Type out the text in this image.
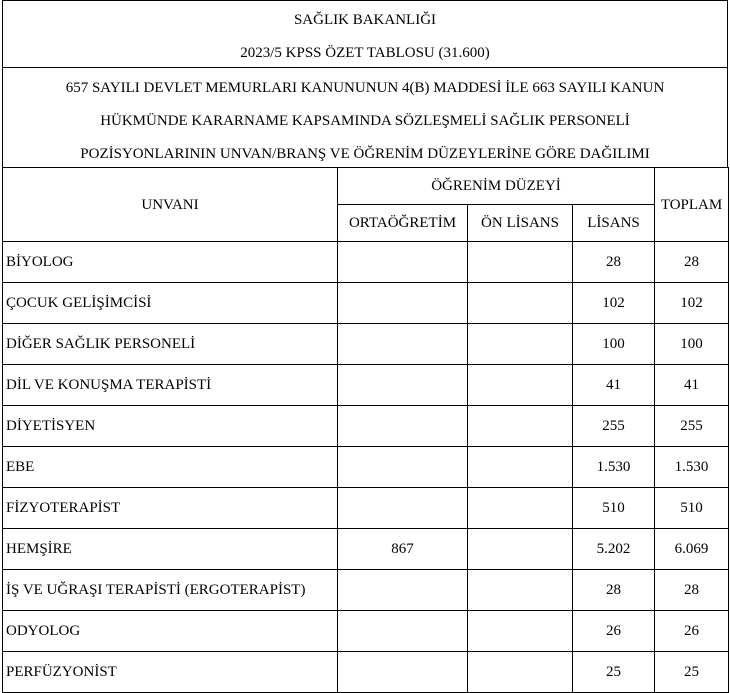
SAĞLIK BAKANLIĞI
2023/5 KPSS ÖZET TABLOSU (31.600)
657 SAYILI DEVLET MEMURLARI KANUNUNUN 4(B) MADDESİ İLE 663 SAYILI KANUN
HÜKMÜNDE KARARNAME KAPSAMINDA SÖZLEŞMELİ SAĞLIK PERSONELİ
POZİSYONLARININ UNVAN/BRANŞ VE ÖĞRENİM DÜZEYLERİNE GÖRE DAĞILIMI
UNVANI	ÖĞRENİM DÜZEYİ			TOPLAM
	ORTAÖĞRETİM	ÖN LİSANS	LİSANS	
BİYOLOG			28	28
ÇOCUK GELİŞİMCİSİ			102	102
DİĞER SAĞLIK PERSONELİ			100	100
DİL VE KONUŞMA TERAPİSTİ			41	41
DİYETİSYEN			255	255
EBE			1.530	1.530
FİZYOTERAPİST			510	510
HEMŞİRE	867		5.202	6.069
İŞ VE UĞRAŞI TERAPİSTİ (ERGOTERAPİST)			28	28
ODYOLOG			26	26
PERFÜZYONİST			25	25
